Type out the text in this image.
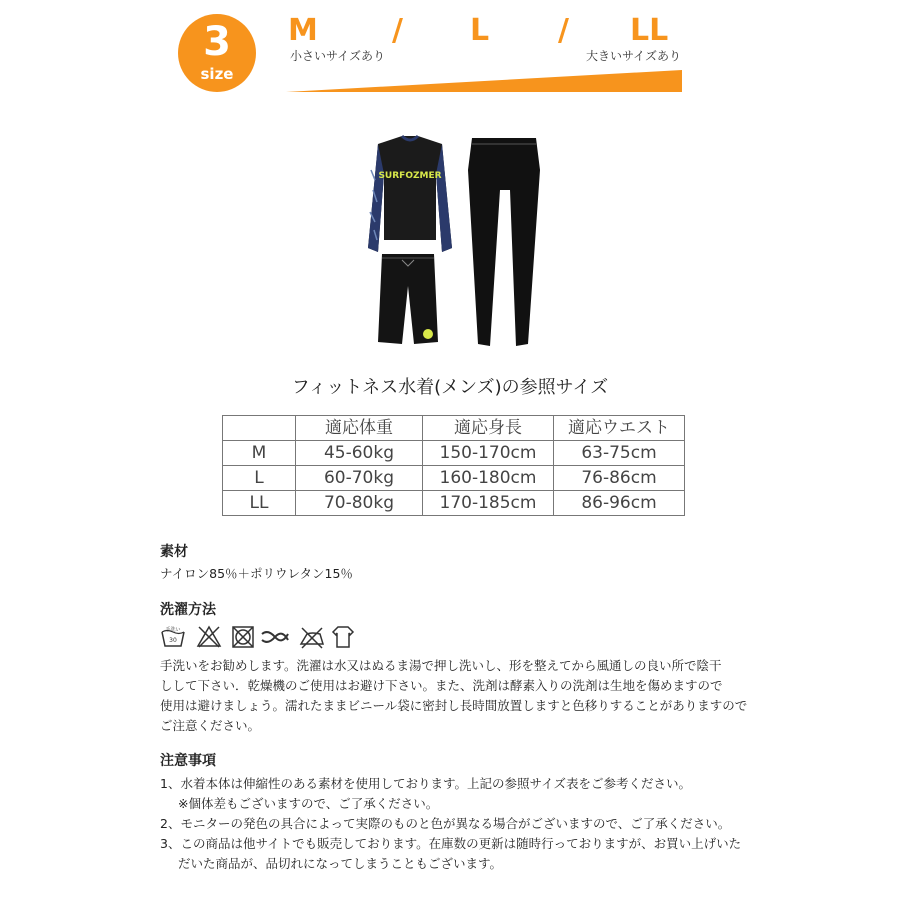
3
size
M / L / LL
小さいサイズあり	大きいサイズあり
SURFOZMER
フィットネス水着(メンズ)の参照サイズ
	適応体重	適応身長	適応ウエスト
M	45-60kg	150-170cm	63-75cm
L	60-70kg	160-180cm	76-86cm
LL	70-80kg	170-185cm	86-96cm
素材
ナイロン85％＋ポリウレタン15％
洗濯方法
手洗い
30
手洗いをお勧めします。洗濯は水又はぬるま湯で押し洗いし、形を整えてから風通しの良い所で陰干
しして下さい．乾燥機のご使用はお避け下さい。また、洗剤は酵素入りの洗剤は生地を傷めますので
使用は避けましょう。濡れたままビニール袋に密封し長時間放置しますと色移りすることがありますので
ご注意ください。
注意事項
1、水着本体は伸縮性のある素材を使用しております。上記の参照サイズ表をご参考ください。
※個体差もございますので、ご了承ください。
2、モニターの発色の具合によって実際のものと色が異なる場合がございますので、ご了承ください。
3、この商品は他サイトでも販売しております。在庫数の更新は随時行っておりますが、お買い上げいた
だいた商品が、品切れになってしまうこともございます。
